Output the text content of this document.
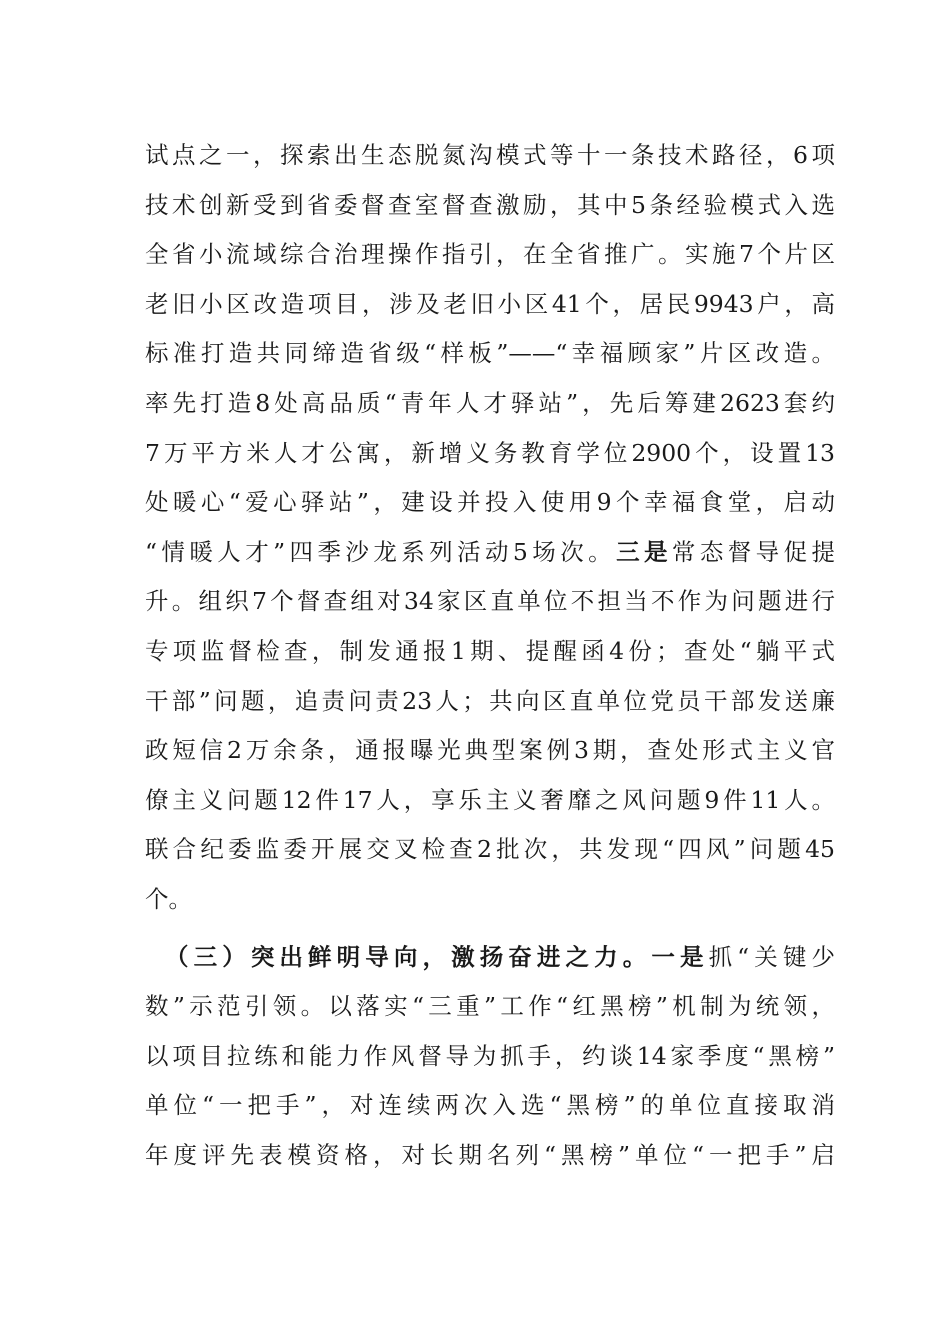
试点之一，探索出生态脱氮沟模式等十一条技术路径，6项
技术创新受到省委督查室督查激励，其中5条经验模式入选
全省小流域综合治理操作指引，在全省推广。实施7个片区
老旧小区改造项目，涉及老旧小区41个，居民9943户，高
标准打造共同缔造省级“样板”——“幸福顾家”片区改造。
率先打造8处高品质“青年人才驿站”，先后筹建2623套约
7万平方米人才公寓，新增义务教育学位2900个，设置13
处暖心“爱心驿站”，建设并投入使用9个幸福食堂，启动
“情暖人才”四季沙龙系列活动5场次。三是常态督导促提
升。组织7个督查组对34家区直单位不担当不作为问题进行
专项监督检查，制发通报1期、提醒函4份；查处“躺平式
干部”问题，追责问责23人；共向区直单位党员干部发送廉
政短信2万余条，通报曝光典型案例3期，查处形式主义官
僚主义问题12件17人，享乐主义奢靡之风问题9件11人。
联合纪委监委开展交叉检查2批次，共发现“四风”问题45
个。
（三）突出鲜明导向，激扬奋进之力。一是抓“关键少
数”示范引领。以落实“三重”工作“红黑榜”机制为统领，
以项目拉练和能力作风督导为抓手，约谈14家季度“黑榜”
单位“一把手”，对连续两次入选“黑榜”的单位直接取消
年度评先表模资格，对长期名列“黑榜”单位“一把手”启
